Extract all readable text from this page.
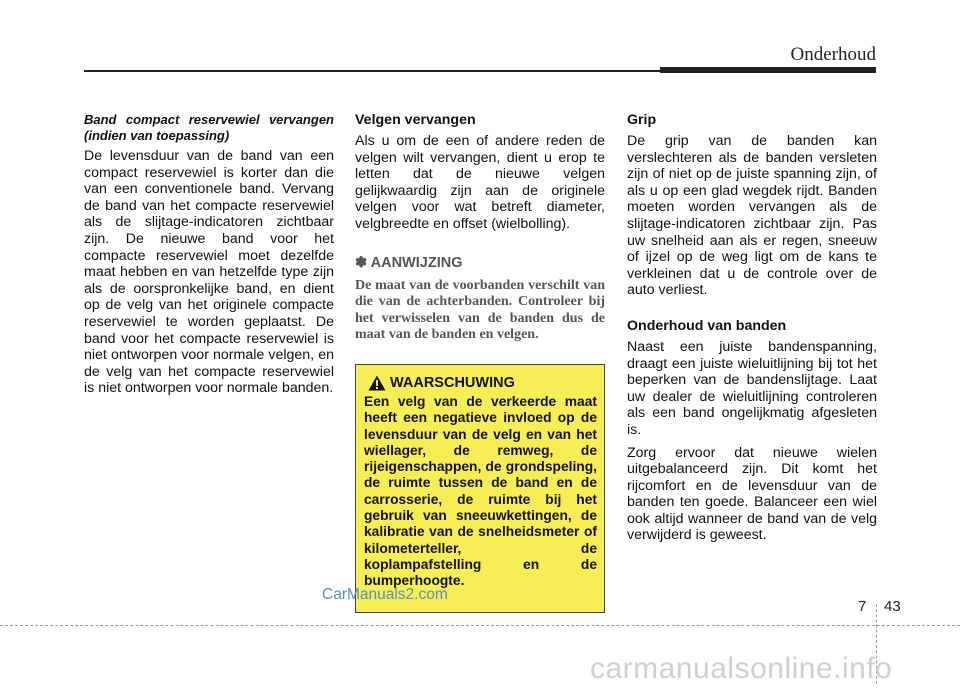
Onderhoud

Band compact reservewiel vervangen (indien van toepassing)

De levensduur van de band van een compact reservewiel is korter dan die van een conventionele band. Vervang de band van het compacte reservewiel als de slijtage-indicatoren zichtbaar zijn. De nieuwe band voor het compacte reservewiel moet dezelfde maat hebben en van hetzelfde type zijn als de oorspronkelijke band, en dient op de velg van het originele compacte reservewiel te worden geplaatst. De band voor het compacte reservewiel is niet ontworpen voor normale velgen, en de velg van het compacte reservewiel is niet ontworpen voor normale banden.

Velgen vervangen

Als u om de een of andere reden de velgen wilt vervangen, dient u erop te letten dat de nieuwe velgen gelijkwaardig zijn aan de originele velgen voor wat betreft diameter, velgbreedte en offset (wielbolling).

✽ AANWIJZING

De maat van de voorbanden verschilt van die van de achterbanden. Controleer bij het verwisselen van de banden dus de maat van de banden en velgen.

WAARSCHUWING

Een velg van de verkeerde maat heeft een negatieve invloed op de levensduur van de velg en van het wiellager, de remweg, de rijeigenschappen, de grondspeling, de ruimte tussen de band en de carrosserie, de ruimte bij het gebruik van sneeuwkettingen, de kalibratie van de snelheidsmeter of kilometerteller, de koplampafstelling en de bumperhoogte.

Grip

De grip van de banden kan verslechteren als de banden versleten zijn of niet op de juiste spanning zijn, of als u op een glad wegdek rijdt. Banden moeten worden vervangen als de slijtage-indicatoren zichtbaar zijn. Pas uw snelheid aan als er regen, sneeuw of ijzel op de weg ligt om de kans te verkleinen dat u de controle over de auto verliest.

Onderhoud van banden

Naast een juiste bandenspanning, draagt een juiste wieluitlijning bij tot het beperken van de bandenslijtage. Laat uw dealer de wieluitlijning controleren als een band ongelijkmatig afgesleten is.

Zorg ervoor dat nieuwe wielen uitgebalanceerd zijn. Dit komt het rijcomfort en de levensduur van de banden ten goede. Balanceer een wiel ook altijd wanneer de band van de velg verwijderd is geweest.

CarManuals2.com
7 43
carmanualsonline.info
